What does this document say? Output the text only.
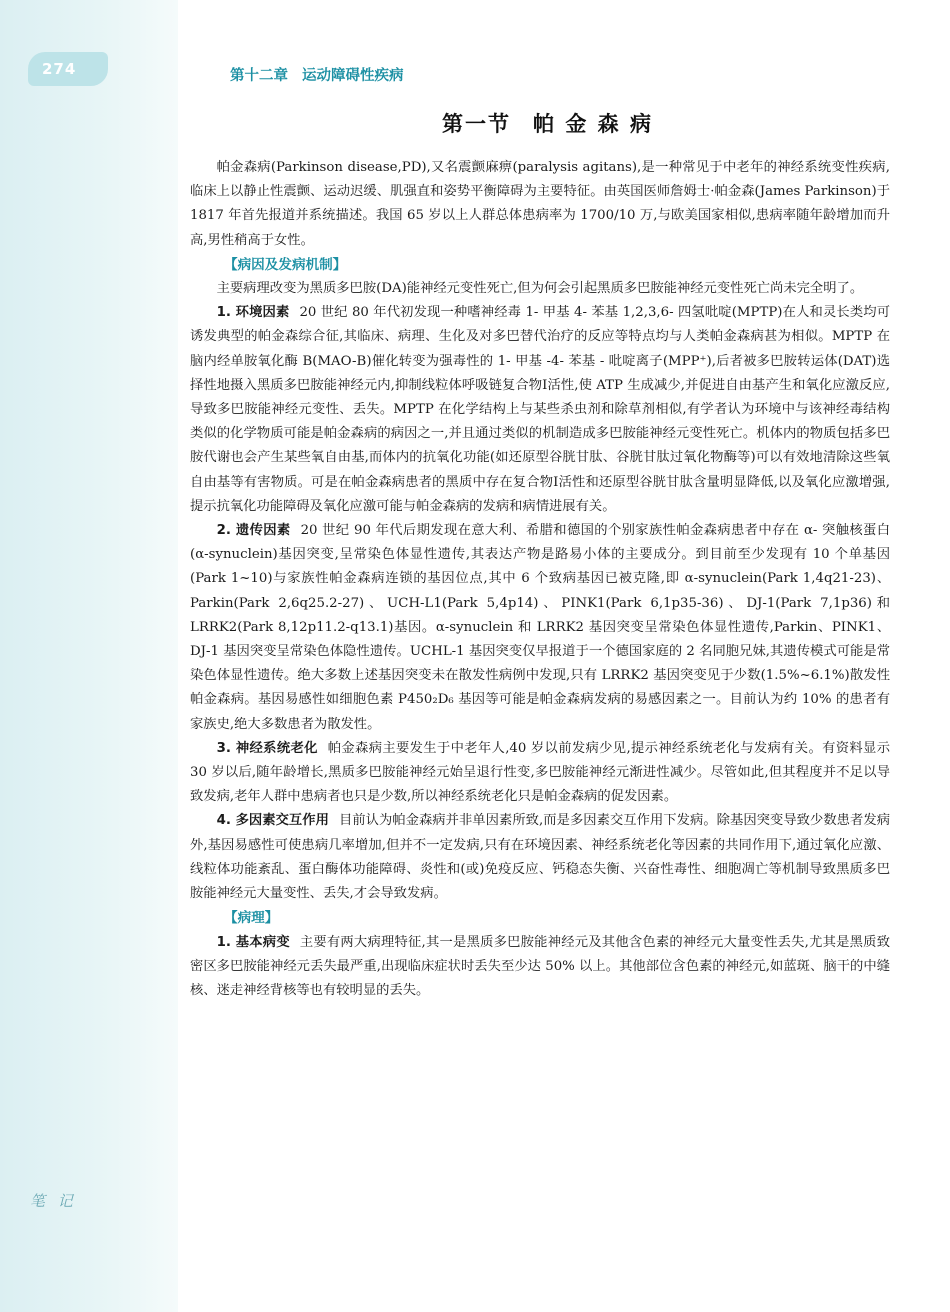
274	第十二章 运动障碍性疾病
第一节 帕 金 森 病

帕金森病(Parkinson disease,PD),又名震颤麻痹(paralysis agitans),是一种常见于中老年的神经系统变性疾病,临床上以静止性震颤、运动迟缓、肌强直和姿势平衡障碍为主要特征。由英国医师詹姆士·帕金森(James Parkinson)于 1817 年首先报道并系统描述。我国 65 岁以上人群总体患病率为 1700/10 万,与欧美国家相似,患病率随年龄增加而升高,男性稍高于女性。

【病因及发病机制】

主要病理改变为黑质多巴胺(DA)能神经元变性死亡,但为何会引起黑质多巴胺能神经元变性死亡尚未完全明了。

1. 环境因素 20 世纪 80 年代初发现一种嗜神经毒 1- 甲基 4- 苯基 1,2,3,6- 四氢吡啶(MPTP)在人和灵长类均可诱发典型的帕金森综合征,其临床、病理、生化及对多巴替代治疗的反应等特点均与人类帕金森病甚为相似。MPTP 在脑内经单胺氧化酶 B(MAO-B)催化转变为强毒性的 1- 甲基 -4- 苯基 - 吡啶离子(MPP⁺),后者被多巴胺转运体(DAT)选择性地摄入黑质多巴胺能神经元内,抑制线粒体呼吸链复合物Ⅰ活性,使 ATP 生成减少,并促进自由基产生和氧化应激反应,导致多巴胺能神经元变性、丢失。MPTP 在化学结构上与某些杀虫剂和除草剂相似,有学者认为环境中与该神经毒结构类似的化学物质可能是帕金森病的病因之一,并且通过类似的机制造成多巴胺能神经元变性死亡。机体内的物质包括多巴胺代谢也会产生某些氧自由基,而体内的抗氧化功能(如还原型谷胱甘肽、谷胱甘肽过氧化物酶等)可以有效地清除这些氧自由基等有害物质。可是在帕金森病患者的黑质中存在复合物Ⅰ活性和还原型谷胱甘肽含量明显降低,以及氧化应激增强,提示抗氧化功能障碍及氧化应激可能与帕金森病的发病和病情进展有关。

2. 遗传因素 20 世纪 90 年代后期发现在意大利、希腊和德国的个别家族性帕金森病患者中存在 α- 突触核蛋白(α-synuclein)基因突变,呈常染色体显性遗传,其表达产物是路易小体的主要成分。到目前至少发现有 10 个单基因(Park 1~10)与家族性帕金森病连锁的基因位点,其中 6 个致病基因已被克隆,即 α-synuclein(Park 1,4q21-23)、Parkin(Park 2,6q25.2-27)、UCH-L1(Park 5,4p14)、PINK1(Park 6,1p35-36)、DJ-1(Park 7,1p36)和 LRRK2(Park 8,12p11.2-q13.1)基因。α-synuclein 和 LRRK2 基因突变呈常染色体显性遗传,Parkin、PINK1、DJ-1 基因突变呈常染色体隐性遗传。UCHL-1 基因突变仅早报道于一个德国家庭的 2 名同胞兄妹,其遗传模式可能是常染色体显性遗传。绝大多数上述基因突变未在散发性病例中发现,只有 LRRK2 基因突变见于少数(1.5%~6.1%)散发性帕金森病。基因易感性如细胞色素 P450₂D₆ 基因等可能是帕金森病发病的易感因素之一。目前认为约 10% 的患者有家族史,绝大多数患者为散发性。

3. 神经系统老化 帕金森病主要发生于中老年人,40 岁以前发病少见,提示神经系统老化与发病有关。有资料显示 30 岁以后,随年龄增长,黑质多巴胺能神经元始呈退行性变,多巴胺能神经元渐进性减少。尽管如此,但其程度并不足以导致发病,老年人群中患病者也只是少数,所以神经系统老化只是帕金森病的促发因素。

4. 多因素交互作用 目前认为帕金森病并非单因素所致,而是多因素交互作用下发病。除基因突变导致少数患者发病外,基因易感性可使患病几率增加,但并不一定发病,只有在环境因素、神经系统老化等因素的共同作用下,通过氧化应激、线粒体功能紊乱、蛋白酶体功能障碍、炎性和(或)免疫反应、钙稳态失衡、兴奋性毒性、细胞凋亡等机制导致黑质多巴胺能神经元大量变性、丢失,才会导致发病。

【病理】

1. 基本病变 主要有两大病理特征,其一是黑质多巴胺能神经元及其他含色素的神经元大量变性丢失,尤其是黑质致密区多巴胺能神经元丢失最严重,出现临床症状时丢失至少达 50% 以上。其他部位含色素的神经元,如蓝斑、脑干的中缝核、迷走神经背核等也有较明显的丢失。

笔 记
